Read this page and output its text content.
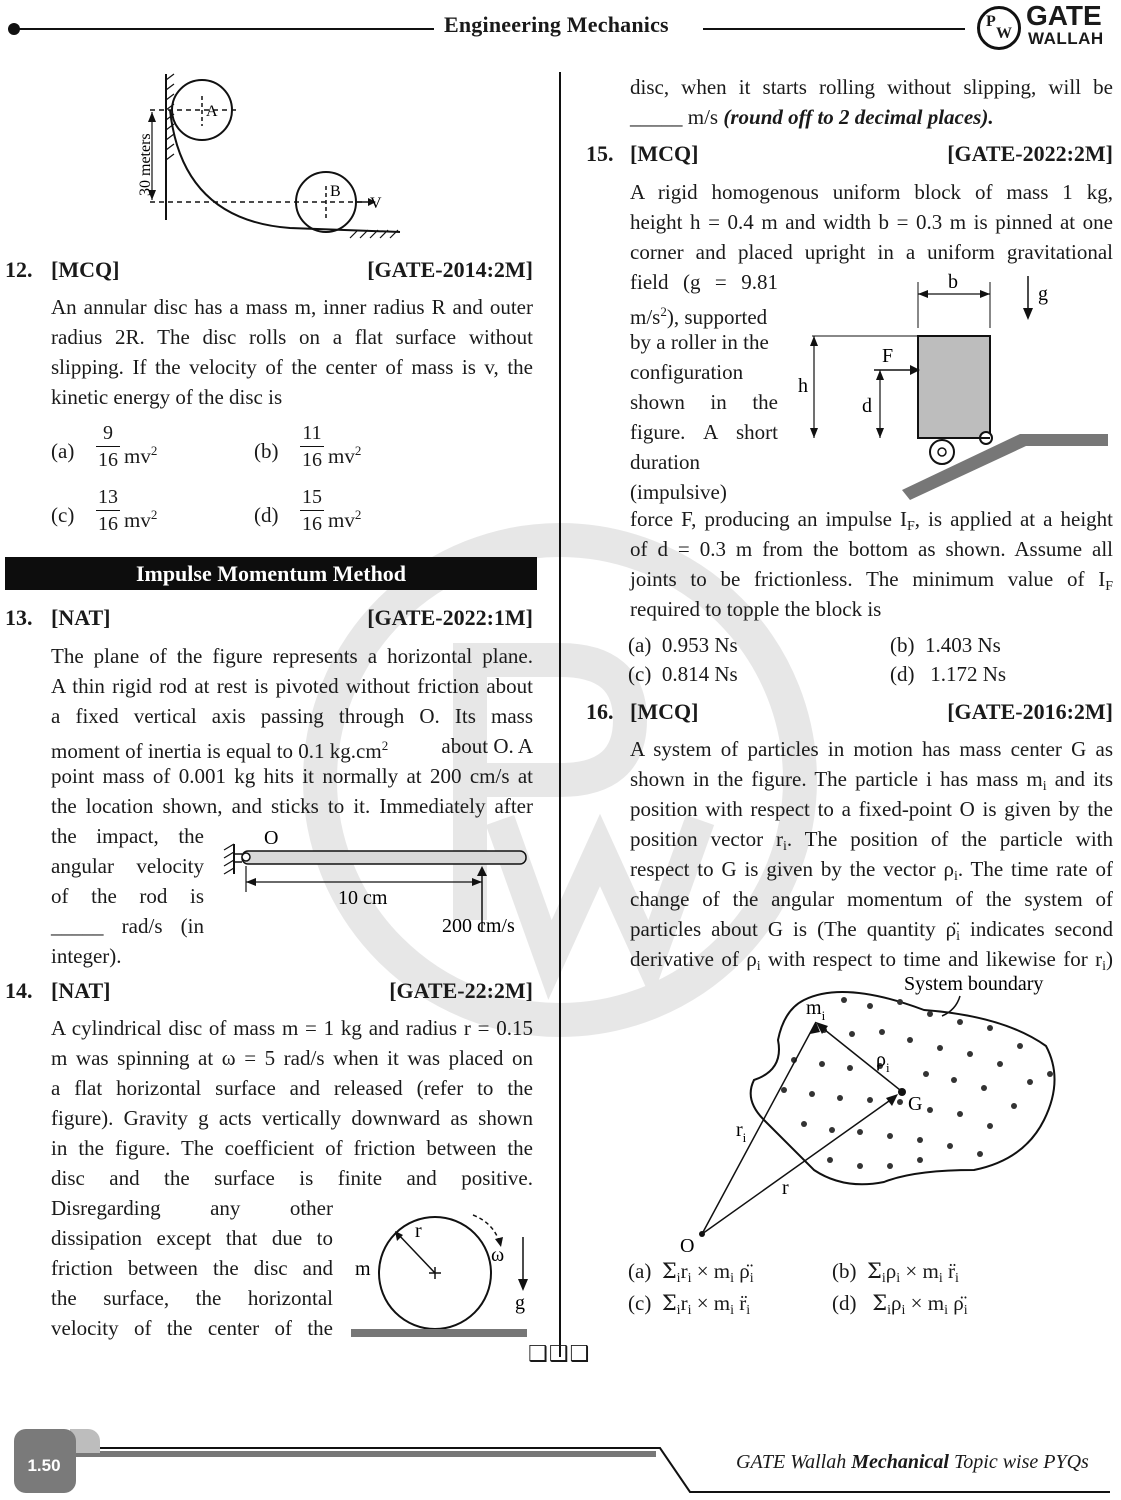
Engineering Mechanics	P
W
GATE
WALLAH
30 meters
A
B
V
12. [MCQ]	[GATE-2014:2M]
An annular disc has a mass m, inner radius R and outer
radius 2R. The disc rolls on a flat surface without
slipping. If the velocity of the center of mass is v, the
kinetic energy of the disc is
(a)
9
16 $mv^2$	(b)
11
16 $mv^2$
(c)
13
16 $mv^2$	(d)
15
16 $mv^2$
Impulse Momentum Method
13. [NAT]	[GATE-2022:1M]
The plane of the figure represents a horizontal plane.
A thin rigid rod at rest is pivoted without friction about
a fixed vertical axis passing through O. Its mass
moment of inertia is equal to 0.1 $kg.cm^2$	about O. A
point mass of 0.001 kg hits it normally at 200 cm/s at
the location shown, and sticks to it. Immediately after
the impact, the
angular velocity
of the rod is
_____ rad/s (in
integer).
O
10 cm
200 cm/s
14. [NAT]	[GATE-22:2M]
A cylindrical disc of mass m = 1 kg and radius r = 0.15
m was spinning at ω = 5 rad/s when it was placed on
a flat horizontal surface and released (refer to the
figure). Gravity g acts vertically downward as shown
in the figure. The coefficient of friction between the
disc and the surface is finite and positive.
Disregarding any other
dissipation except that due to
friction between the disc and
the surface, the horizontal
velocity of the center of the
r
m
ω
g
disc, when it starts rolling without slipping, will be
_____ m/s (round off to 2 decimal places).
15. [MCQ]	[GATE-2022:2M]
A rigid homogenous uniform block of mass 1 kg,
height h = 0.4 m and width b = 0.3 m is pinned at one
corner and placed upright in a uniform gravitational
field (g = 9.81
$m/s^2$), supported
by a roller in the
configuration
shown in the
figure. A short
duration
(impulsive)
b
g
h
d
F
force F, producing an impulse $I_F$, is applied at a height
of d = 0.3 m from the bottom as shown. Assume all
joints to be frictionless. The minimum value of $I_F$
required to topple the block is
(a) 0.953 Ns	(b) 1.403 Ns
(c) 0.814 Ns	(d) 1.172 Ns
16. [MCQ]	[GATE-2016:2M]
A system of particles in motion has mass center G as
shown in the figure. The particle i has mass $m_i$ and its
position with respect to a fixed-point O is given by the
position vector $r_i$. The position of the particle with
respect to G is given by the vector $\rho_i$. The time rate of
change of the angular momentum of the system of
particles about G is (The quantity $\rhö_i$ indicates second
derivative of $\rho_i$ with respect to time and likewise for $r_i$)
System boundary
$m_i$
$\rho_i$
G
$r_i$
r
O
(a) $\Sigma_ir_i \times m_i$ $\rhö_i$	(b) $\Sigma_i\rho_i \times m_i$ $r̈_i$
(c) $\Sigma_ir_i \times m_i$ $r̈_i$	(d) $\Sigma_i\rho_i \times m_i$ $\rhö_i$
❑❑❑
1.50	GATE Wallah Mechanical Topic wise PYQs
